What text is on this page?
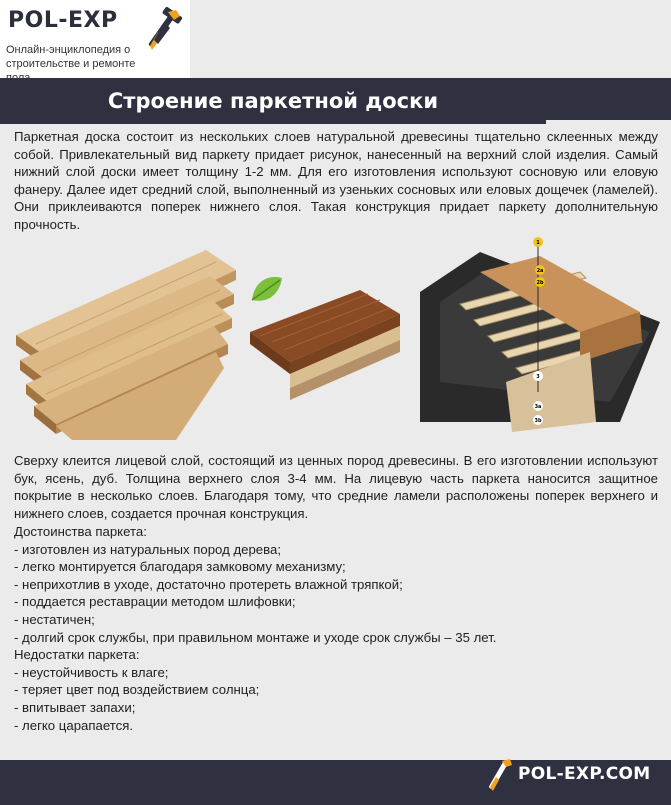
POL-EXP
Онлайн-энциклопедия о строительстве и ремонте
Строение паркетной доски

Паркетная доска состоит из нескольких слоев натуральной древесины тщательно склеенных между собой. Привлекательный вид паркету придает рисунок, нанесенный на верхний слой изделия. Самый нижний слой доски имеет толщину 1-2 мм. Для его изготовления используют сосновую или еловую фанеру. Далее идет средний слой, выполненный из узеньких сосновых или еловых дощечек (ламелей). Они приклеиваются поперек нижнего слоя. Такая конструкция придает паркету дополнительную прочность.

1
2a
2b
3
3a
3b

Сверху клеится лицевой слой, состоящий из ценных пород древесины. В его изготовлении используют бук, ясень, дуб. Толщина верхнего слоя 3-4 мм. На лицевую часть паркета наносится защитное покрытие в несколько слоев. Благодаря тому, что средние ламели расположены поперек верхнего и нижнего слоев, создается прочная конструкция.

Достоинства паркета:
- изготовлен из натуральных пород дерева;
- легко монтируется благодаря замковому механизму;
- неприхотлив в уходе, достаточно протереть влажной тряпкой;
- поддается реставрации методом шлифовки;
- нестатичен;
- долгий срок службы, при правильном монтаже и уходе срок службы – 35 лет.
Недостатки паркета:
- неустойчивость к влаге;
- теряет цвет под воздействием солнца;
- впитывает запахи;
- легко царапается.
POL-EXP.COM
